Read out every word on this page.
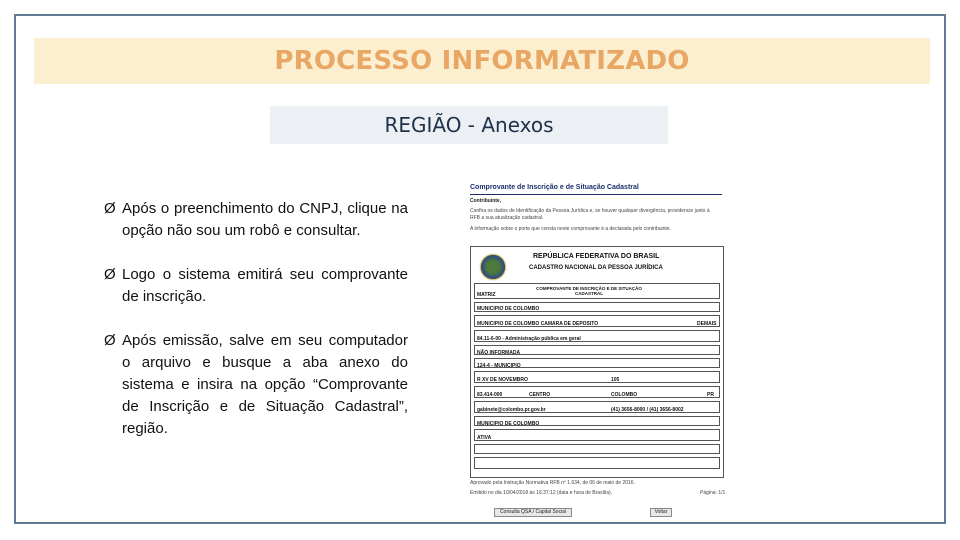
PROCESSO INFORMATIZADO
REGIÃO - Anexos
Ø Após o preenchimento do CNPJ, clique na opção não sou um robô e consultar.
Ø Logo o sistema emitirá seu comprovante de inscrição.
Ø Após emissão, salve em seu computador o arquivo e busque a aba anexo do sistema e insira na opção “Comprovante de Inscrição e de Situação Cadastral”, região.
Comprovante de Inscrição e de Situação Cadastral
Contribuinte,
Confira os dados de Identificação da Pessoa Jurídica e, se houver qualquer divergência, providencie junto à
RFB a sua atualização cadastral.
A informação sobre o porte que consta neste comprovante é a declarada pelo contribuinte.
REPÚBLICA FEDERATIVA DO BRASIL
CADASTRO NACIONAL DA PESSOA JURÍDICA
MATRIZ
COMPROVANTE DE INSCRIÇÃO E DE SITUAÇÃO CADASTRAL
MUNICIPIO DE COLOMBO
MUNICIPIO DE COLOMBO CAMARA DE DEPOSITO	DEMAIS
84.11-6-00 - Administração pública em geral
NÃO INFORMADA
124-4 - MUNICIPIO
R XV DE NOVEMBRO	105
83.414-000	CENTRO	COLOMBO	PR
gabinete@colombo.pr.gov.br	(41) 3656-8000 / (41) 3656-8002
MUNICIPIO DE COLOMBO
ATIVA
Aprovado pela Instrução Normativa RFB nº 1.634, de 06 de maio de 2016.
Emitido no dia 10/04/2018 às 16:37:12 (data e hora de Brasília).	Página: 1/1
Consulta QSA / Capital Social	Voltar
